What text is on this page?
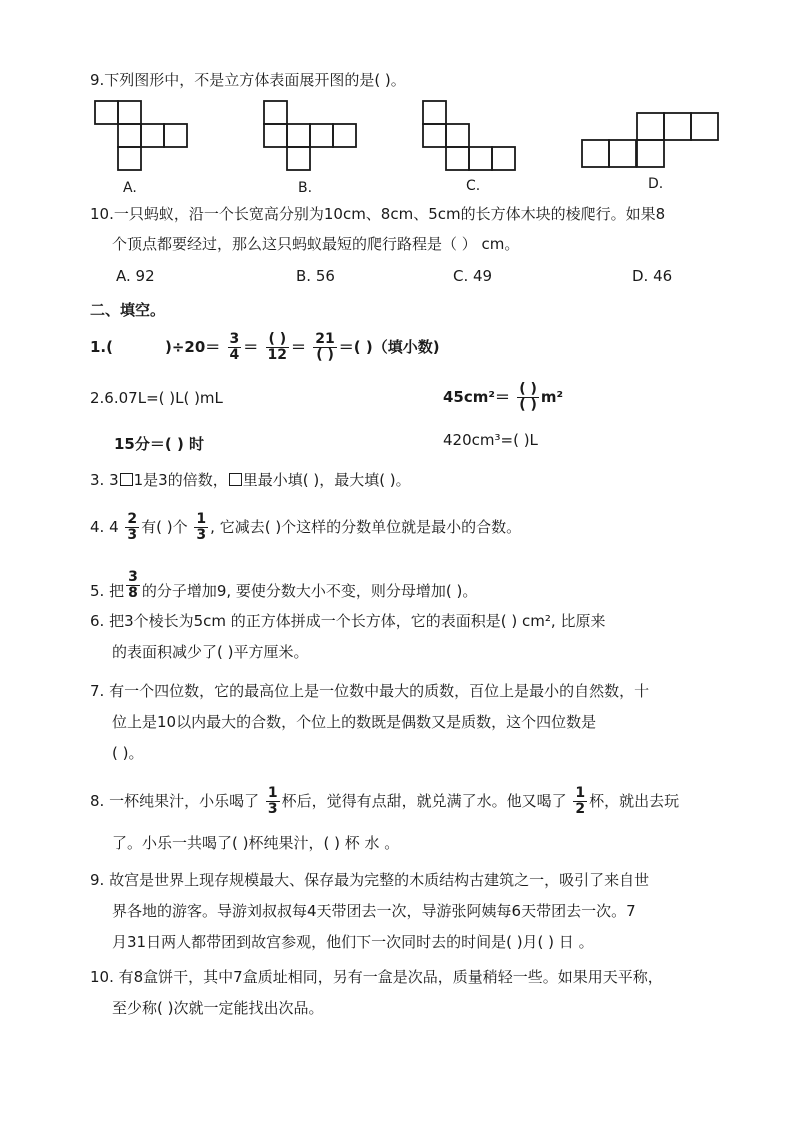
9.下列图形中，不是立方体表面展开图的是( )。
A.	B.	C.	D.
10.一只蚂蚁，沿一个长宽高分别为10cm、8cm、5cm的长方体木块的棱爬行。如果8
个顶点都要经过，那么这只蚂蚁最短的爬行路程是（ ） cm。
A. 92	B. 56	C. 49	D. 46
二、填空。
1.(	)$\div 20= \frac{3}{4} = \frac{( )}{12} = \frac{21}{( )}$ ＝( )（填小数)
2.6.07L=( )L( )mL	$45cm^2= \frac{( )}{( )} m^2$
15分＝( ) 时	420cm³=( )L
3. 3 1是3的倍数， 里最小填( )，最大填( )。
4. $4 \frac{2}{3}$ 有( )个 $\frac{1}{3}$ , 它减去( )个这样的分数单位就是最小的合数。
5. 把 $\frac{3}{8}$ 的分子增加9, 要使分数大小不变，则分母增加( )。
6. 把3个棱长为5cm 的正方体拼成一个长方体，它的表面积是( ) cm², 比原来
的表面积减少了( )平方厘米。
7. 有一个四位数，它的最高位上是一位数中最大的质数，百位上是最小的自然数，十
位上是10以内最大的合数，个位上的数既是偶数又是质数，这个四位数是
( )。
8. 一杯纯果汁，小乐喝了 $\frac{1}{3}$ 杯后，觉得有点甜，就兑满了水。他又喝了 $\frac{1}{2}$ 杯，就出去玩
了。小乐一共喝了( )杯纯果汁，( ) 杯 水 。
9. 故宫是世界上现存规模最大、保存最为完整的木质结构古建筑之一，吸引了来自世
界各地的游客。导游刘叔叔每4天带团去一次，导游张阿姨每6天带团去一次。7
月31日两人都带团到故宫参观，他们下一次同时去的时间是( )月( ) 日 。
10. 有8盒饼干，其中7盒质址相同，另有一盒是次品，质量稍轻一些。如果用天平称，
至少称( )次就一定能找出次品。
